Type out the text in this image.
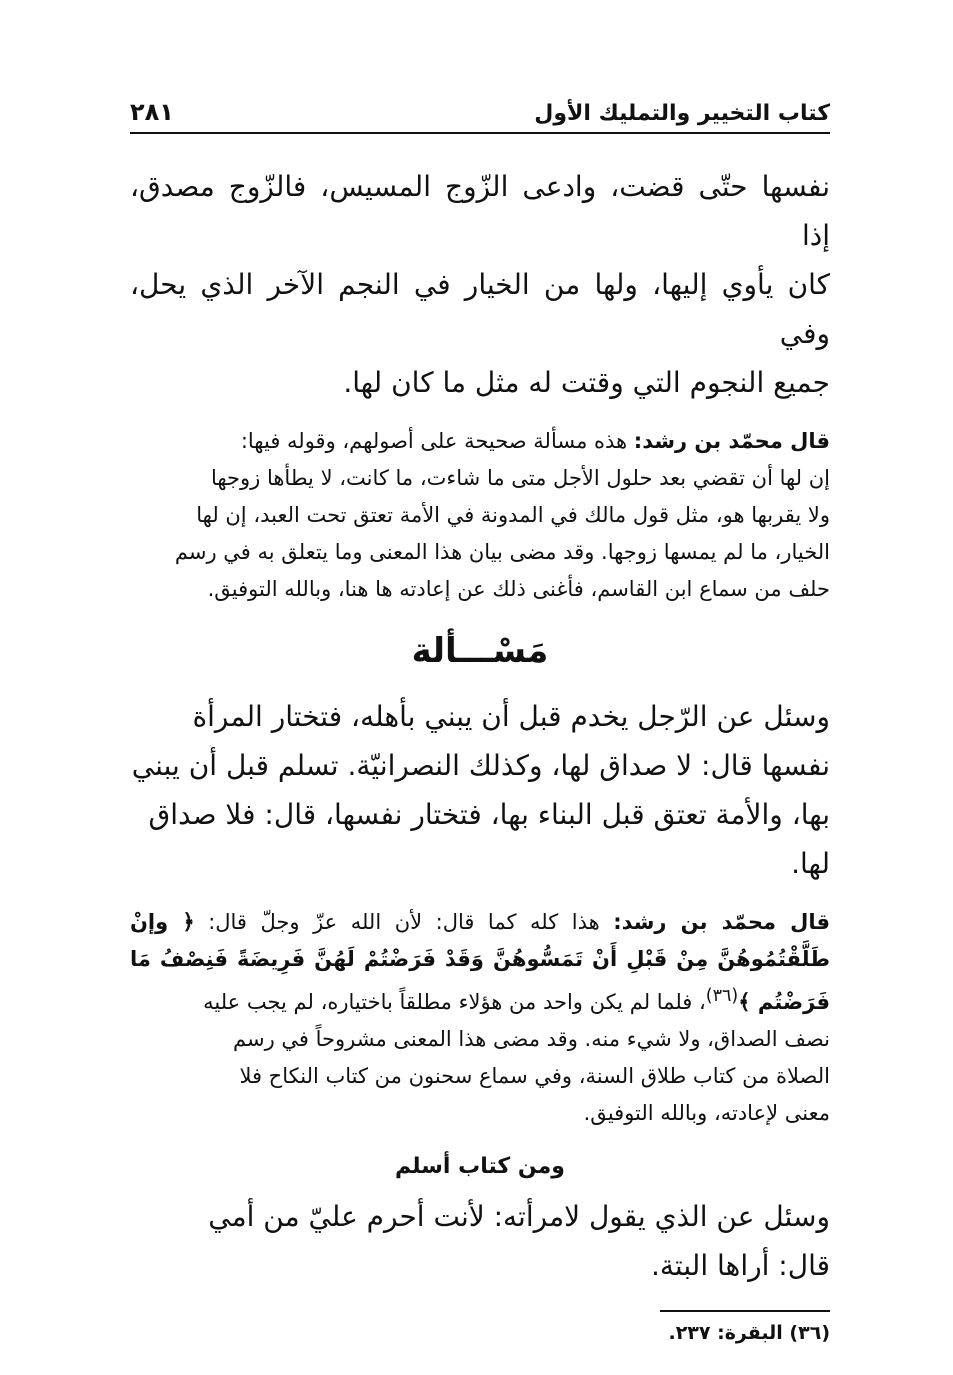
كتاب التخيير والتمليك الأول
٢٨١

نفسها حتّى قضت، وادعى الزّوج المسيس، فالزّوج مصدق، إذا

كان يأوي إليها، ولها من الخيار في النجم الآخر الذي يحل، وفي

جميع النجوم التي وقتت له مثل ما كان لها.

قال محمّد بن رشد: هذه مسألة صحيحة على أصولهم، وقوله فيها:

إن لها أن تقضي بعد حلول الأجل متى ما شاءت، ما كانت، لا يطأها زوجها

ولا يقربها هو، مثل قول مالك في المدونة في الأمة تعتق تحت العبد، إن لها

الخيار، ما لم يمسها زوجها. وقد مضى بيان هذا المعنى وما يتعلق به في رسم

حلف من سماع ابن القاسم، فأغنى ذلك عن إعادته ها هنا، وبالله التوفيق.

مَسْـــألة

وسئل عن الرّجل يخدم قبل أن يبني بأهله، فتختار المرأة

نفسها قال: لا صداق لها، وكذلك النصرانيّة. تسلم قبل أن يبني

بها، والأمة تعتق قبل البناء بها، فتختار نفسها، قال: فلا صداق

لها.

قال محمّد بن رشد: هذا كله كما قال: لأن الله عزّ وجلّ قال: ﴿ وإنْ طَلَّقْتُمُوهُنَّ مِنْ قَبْلِ أَنْ تَمَسُّوهُنَّ وَقَدْ فَرَضْتُمْ لَهُنَّ فَرِيضَةً فَنِصْفُ مَا فَرَضْتُم ﴾$^{(٣٦)}$، فلما لم يكن واحد من هؤلاء مطلقاً باختياره، لم يجب عليه

نصف الصداق، ولا شيء منه. وقد مضى هذا المعنى مشروحاً في رسم

الصلاة من كتاب طلاق السنة، وفي سماع سحنون من كتاب النكاح فلا

معنى لإعادته، وبالله التوفيق.

ومن كتاب أسلم

وسئل عن الذي يقول لامرأته: لأنت أحرم عليّ من أمي

قال: أراها البتة.

(٣٦) البقرة: ٢٣٧.
